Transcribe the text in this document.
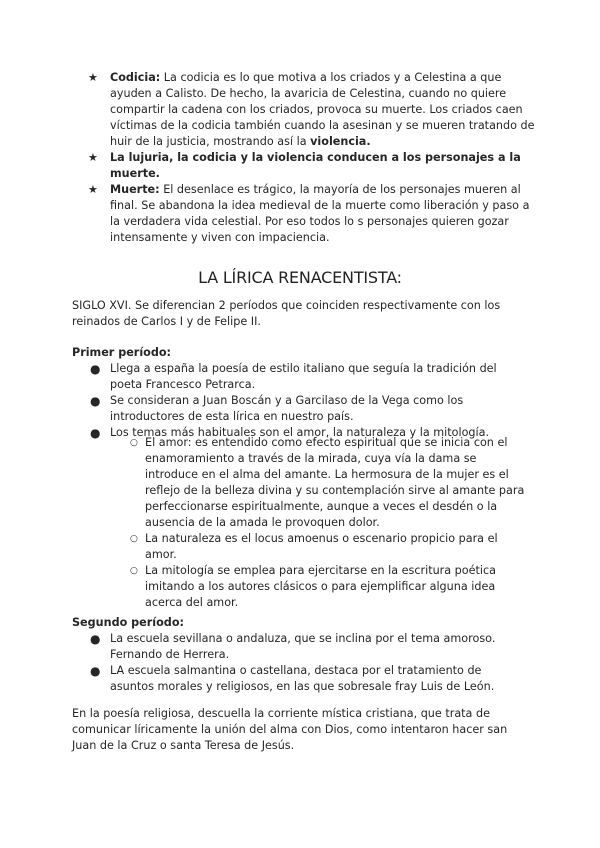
★ Codicia: La codicia es lo que motiva a los criados y a Celestina a que ayuden a Calisto. De hecho, la avaricia de Celestina, cuando no quiere compartir la cadena con los criados, provoca su muerte. Los criados caen víctimas de la codicia también cuando la asesinan y se mueren tratando de huir de la justicia, mostrando así la violencia.
★ La lujuria, la codicia y la violencia conducen a los personajes a la muerte.
★ Muerte: El desenlace es trágico, la mayoría de los personajes mueren al final. Se abandona la idea medieval de la muerte como liberación y paso a la verdadera vida celestial. Por eso todos lo s personajes quieren gozar intensamente y viven con impaciencia.
LA LÍRICA RENACENTISTA:
SIGLO XVI. Se diferencian 2 períodos que coinciden respectivamente con los reinados de Carlos I y de Felipe II.
Primer período:
● Llega a españa la poesía de estilo italiano que seguía la tradición del poeta Francesco Petrarca.
● Se consideran a Juan Boscán y a Garcilaso de la Vega como los introductores de esta lírica en nuestro país.
● Los temas más habituales son el amor, la naturaleza y la mitología.
○ El amor: es entendido como efecto espiritual que se inicia con el enamoramiento a través de la mirada, cuya vía la dama se introduce en el alma del amante. La hermosura de la mujer es el reflejo de la belleza divina y su contemplación sirve al amante para perfeccionarse espiritualmente, aunque a veces el desdén o la ausencia de la amada le provoquen dolor.
○ La naturaleza es el locus amoenus o escenario propicio para el amor.
○ La mitología se emplea para ejercitarse en la escritura poética imitando a los autores clásicos o para ejemplificar alguna idea acerca del amor.
Segundo período:
● La escuela sevillana o andaluza, que se inclina por el tema amoroso. Fernando de Herrera.
● LA escuela salmantina o castellana, destaca por el tratamiento de asuntos morales y religiosos, en las que sobresale fray Luis de León.
En la poesía religiosa, descuella la corriente mística cristiana, que trata de comunicar líricamente la unión del alma con Dios, como intentaron hacer san Juan de la Cruz o santa Teresa de Jesús.
